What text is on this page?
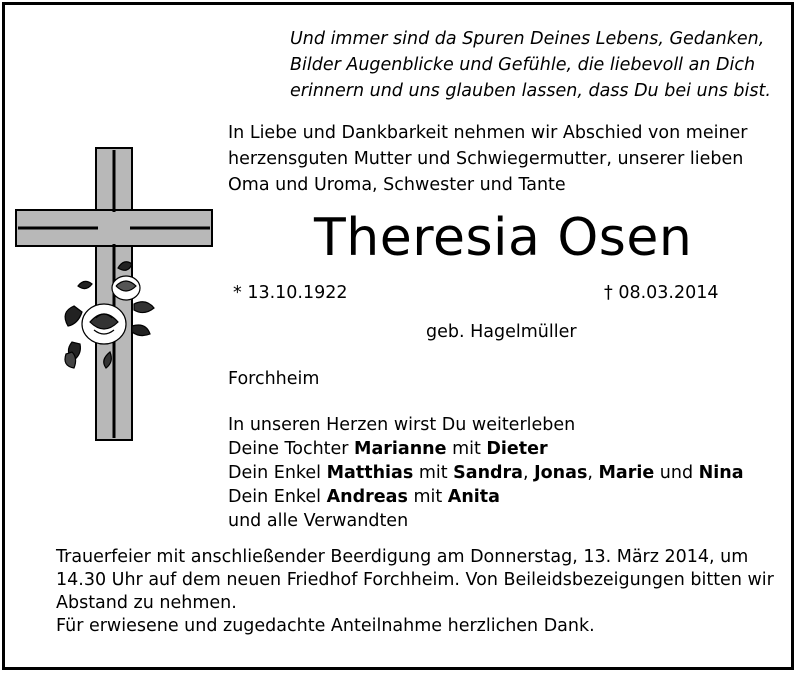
Und immer sind da Spuren Deines Lebens, Gedanken,
Bilder Augenblicke und Gefühle, die liebevoll an Dich
erinnern und uns glauben lassen, dass Du bei uns bist.
In Liebe und Dankbarkeit nehmen wir Abschied von meiner
herzensguten Mutter und Schwiegermutter, unserer lieben
Oma und Uroma, Schwester und Tante
Theresia Osen
* 13.10.1922	† 08.03.2014
geb. Hagelmüller
Forchheim
In unseren Herzen wirst Du weiterleben
Deine Tochter Marianne mit Dieter
Dein Enkel Matthias mit Sandra, Jonas, Marie und Nina
Dein Enkel Andreas mit Anita
und alle Verwandten
Trauerfeier mit anschließender Beerdigung am Donnerstag, 13. März 2014, um
14.30 Uhr auf dem neuen Friedhof Forchheim. Von Beileidsbezeigungen bitten wir
Abstand zu nehmen.
Für erwiesene und zugedachte Anteilnahme herzlichen Dank.
